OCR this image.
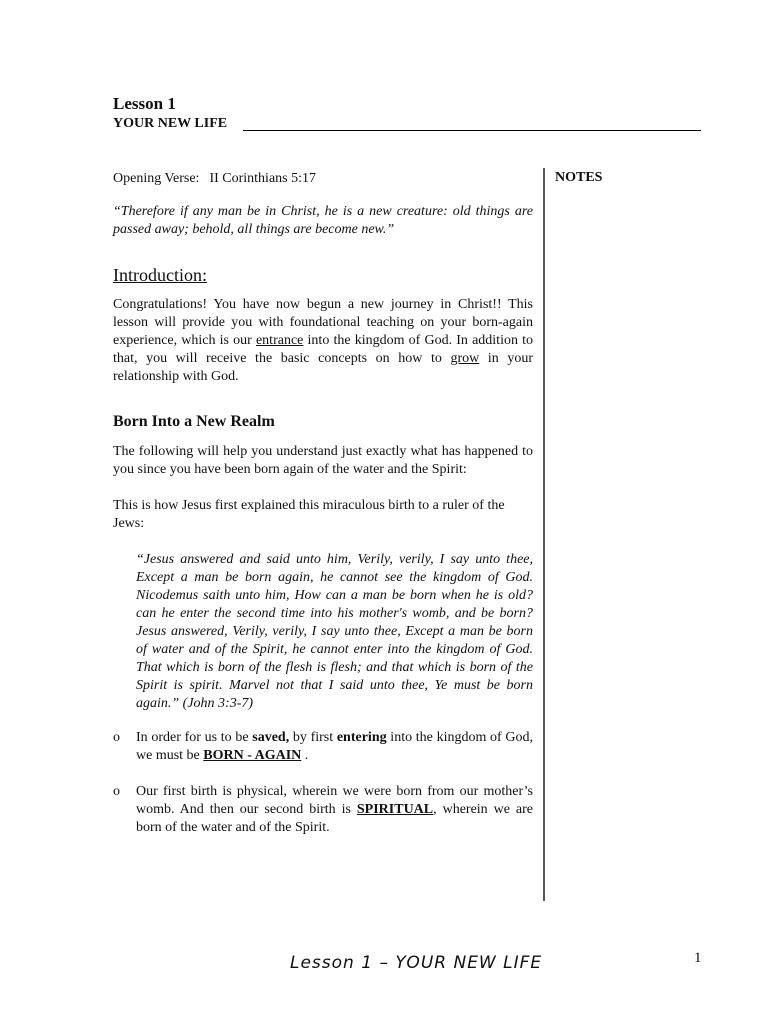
Lesson 1
YOUR NEW LIFE

Opening Verse: II Corinthians 5:17

“Therefore if any man be in Christ, he is a new creature: old things are passed away; behold, all things are become new.”

Introduction:

Congratulations! You have now begun a new journey in Christ!! This lesson will provide you with foundational teaching on your born-again experience, which is our entrance into the kingdom of God. In addition to that, you will receive the basic concepts on how to grow in your relationship with God.

Born Into a New Realm

The following will help you understand just exactly what has happened to you since you have been born again of the water and the Spirit:

This is how Jesus first explained this miraculous birth to a ruler of the Jews:

“Jesus answered and said unto him, Verily, verily, I say unto thee, Except a man be born again, he cannot see the kingdom of God. Nicodemus saith unto him, How can a man be born when he is old? can he enter the second time into his mother's womb, and be born? Jesus answered, Verily, verily, I say unto thee, Except a man be born of water and of the Spirit, he cannot enter into the kingdom of God. That which is born of the flesh is flesh; and that which is born of the Spirit is spirit. Marvel not that I said unto thee, Ye must be born again.” (John 3:3-7)

o In order for us to be saved, by first entering into the kingdom of God, we must be BORN - AGAIN .

o Our first birth is physical, wherein we were born from our mother’s womb. And then our second birth is SPIRITUAL, wherein we are born of the water and of the Spirit.

NOTES
Lesson 1 – YOUR NEW LIFE	1
